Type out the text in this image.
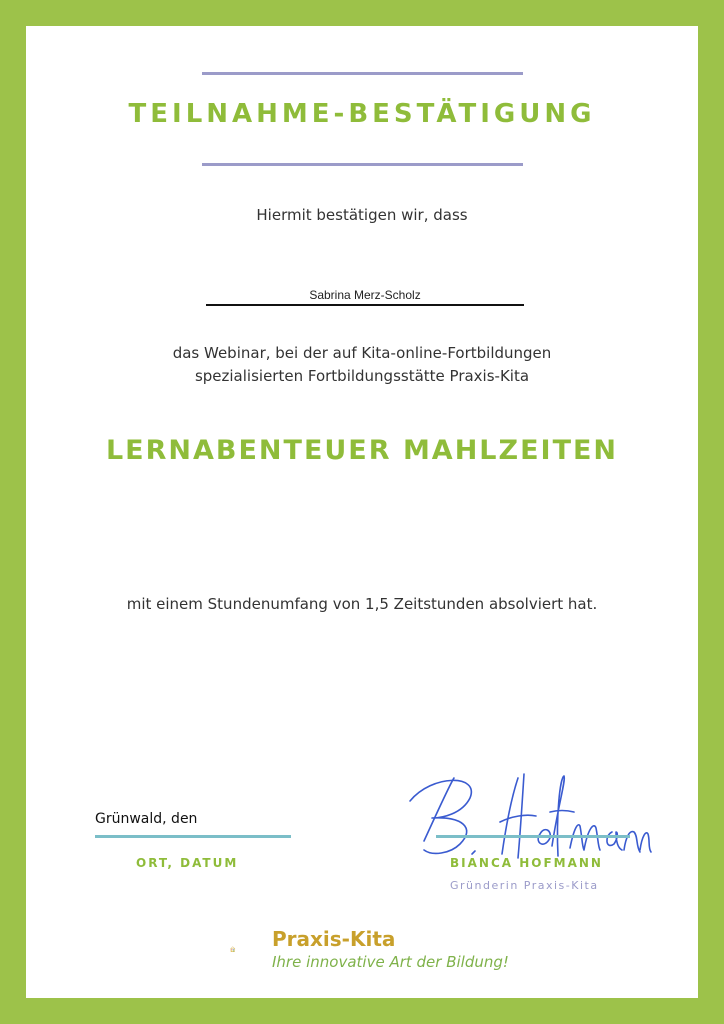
TEILNAHME-BESTÄTIGUNG
Hiermit bestätigen wir, dass
Sabrina Merz-Scholz
das Webinar, bei der auf Kita-online-Fortbildungen
spezialisierten Fortbildungsstätte Praxis-Kita
LERNABENTEUER MAHLZEITEN
mit einem Stundenumfang von 1,5 Zeitstunden absolviert hat.
Grünwald, den
ORT, DATUM	BIANCA HOFMANN
Gründerin Praxis-Kita
Praxis-Kita
Ihre innovative Art der Bildung!
